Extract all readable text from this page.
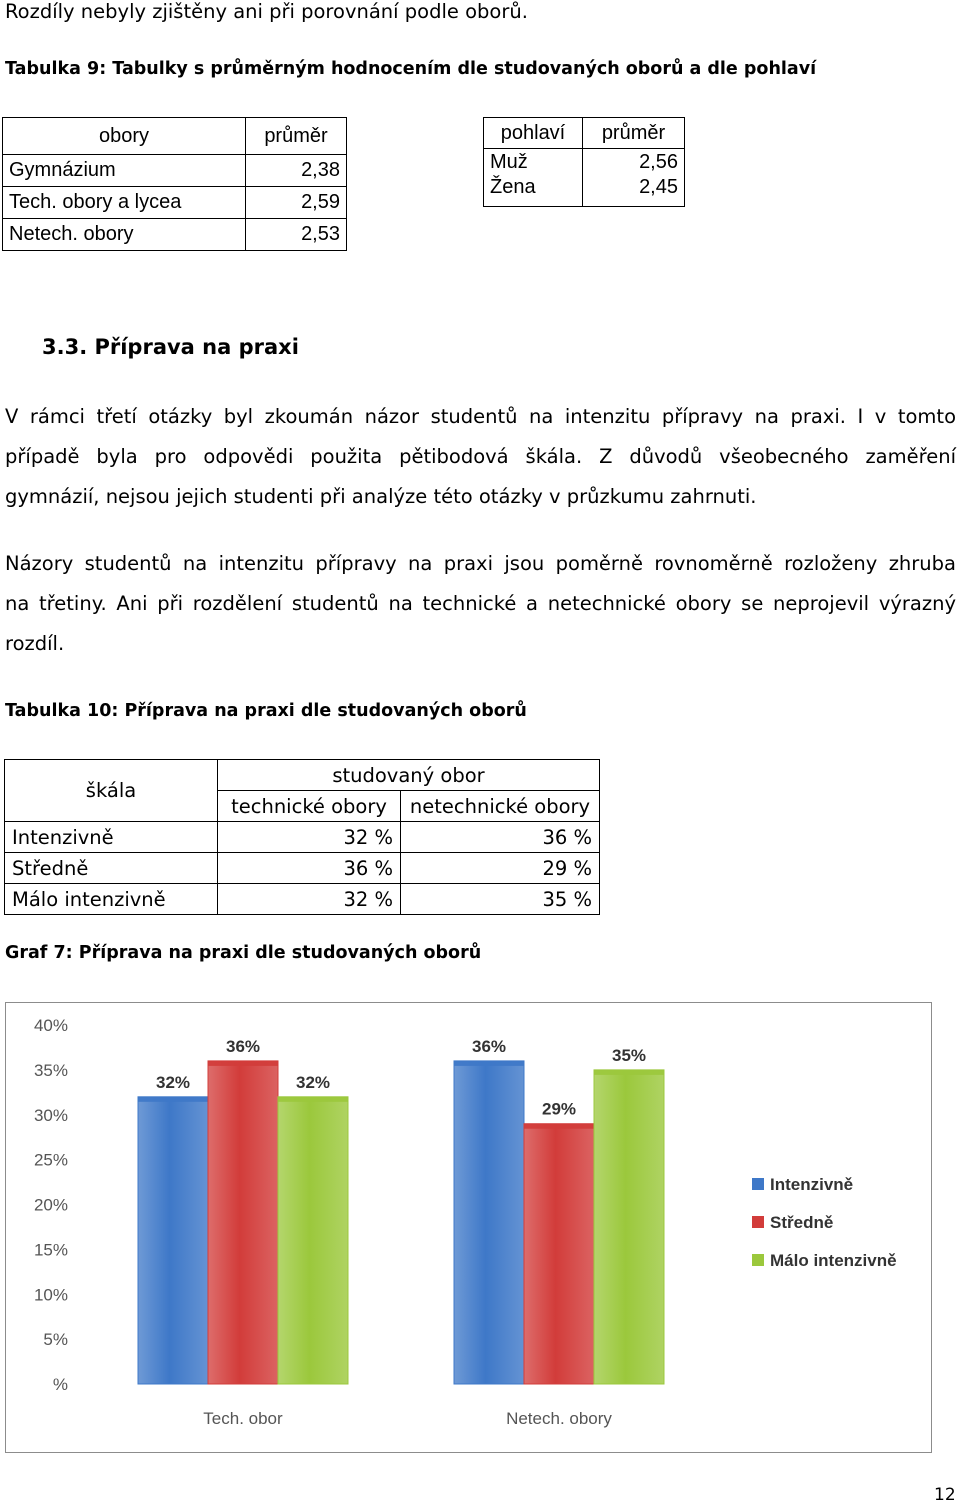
Rozdíly nebyly zjištěny ani při porovnání podle oborů.
Tabulka 9: Tabulky s průměrným hodnocením dle studovaných oborů a dle pohlaví
obory	průměr
Gymnázium	2,38
Tech. obory a lycea	2,59
Netech. obory	2,53
pohlaví	průměr
Muž	2,56
Žena	2,45
3.3. Příprava na praxi
V rámci třetí otázky byl zkoumán názor studentů na intenzitu přípravy na praxi. I v tomto
případě byla pro odpovědi použita pětibodová škála. Z důvodů všeobecného zaměření
gymnázií, nejsou jejich studenti při analýze této otázky v průzkumu zahrnuti.
Názory studentů na intenzitu přípravy na praxi jsou poměrně rovnoměrně rozloženy zhruba
na třetiny. Ani při rozdělení studentů na technické a netechnické obory se neprojevil výrazný
rozdíl.
Tabulka 10: Příprava na praxi dle studovaných oborů
škála	studovaný obor	
	technické obory	netechnické obory
Intenzivně	32 %	36 %
Středně	36 %	29 %
Málo intenzivně	32 %	35 %
Graf 7: Příprava na praxi dle studovaných oborů
%
5%
10%
15%
20%
25%
30%
35%
40%
32%
36%
32%
Tech. obor
36%
29%
35%
Netech. obory
Intenzivně
Středně
Málo intenzivně
12
